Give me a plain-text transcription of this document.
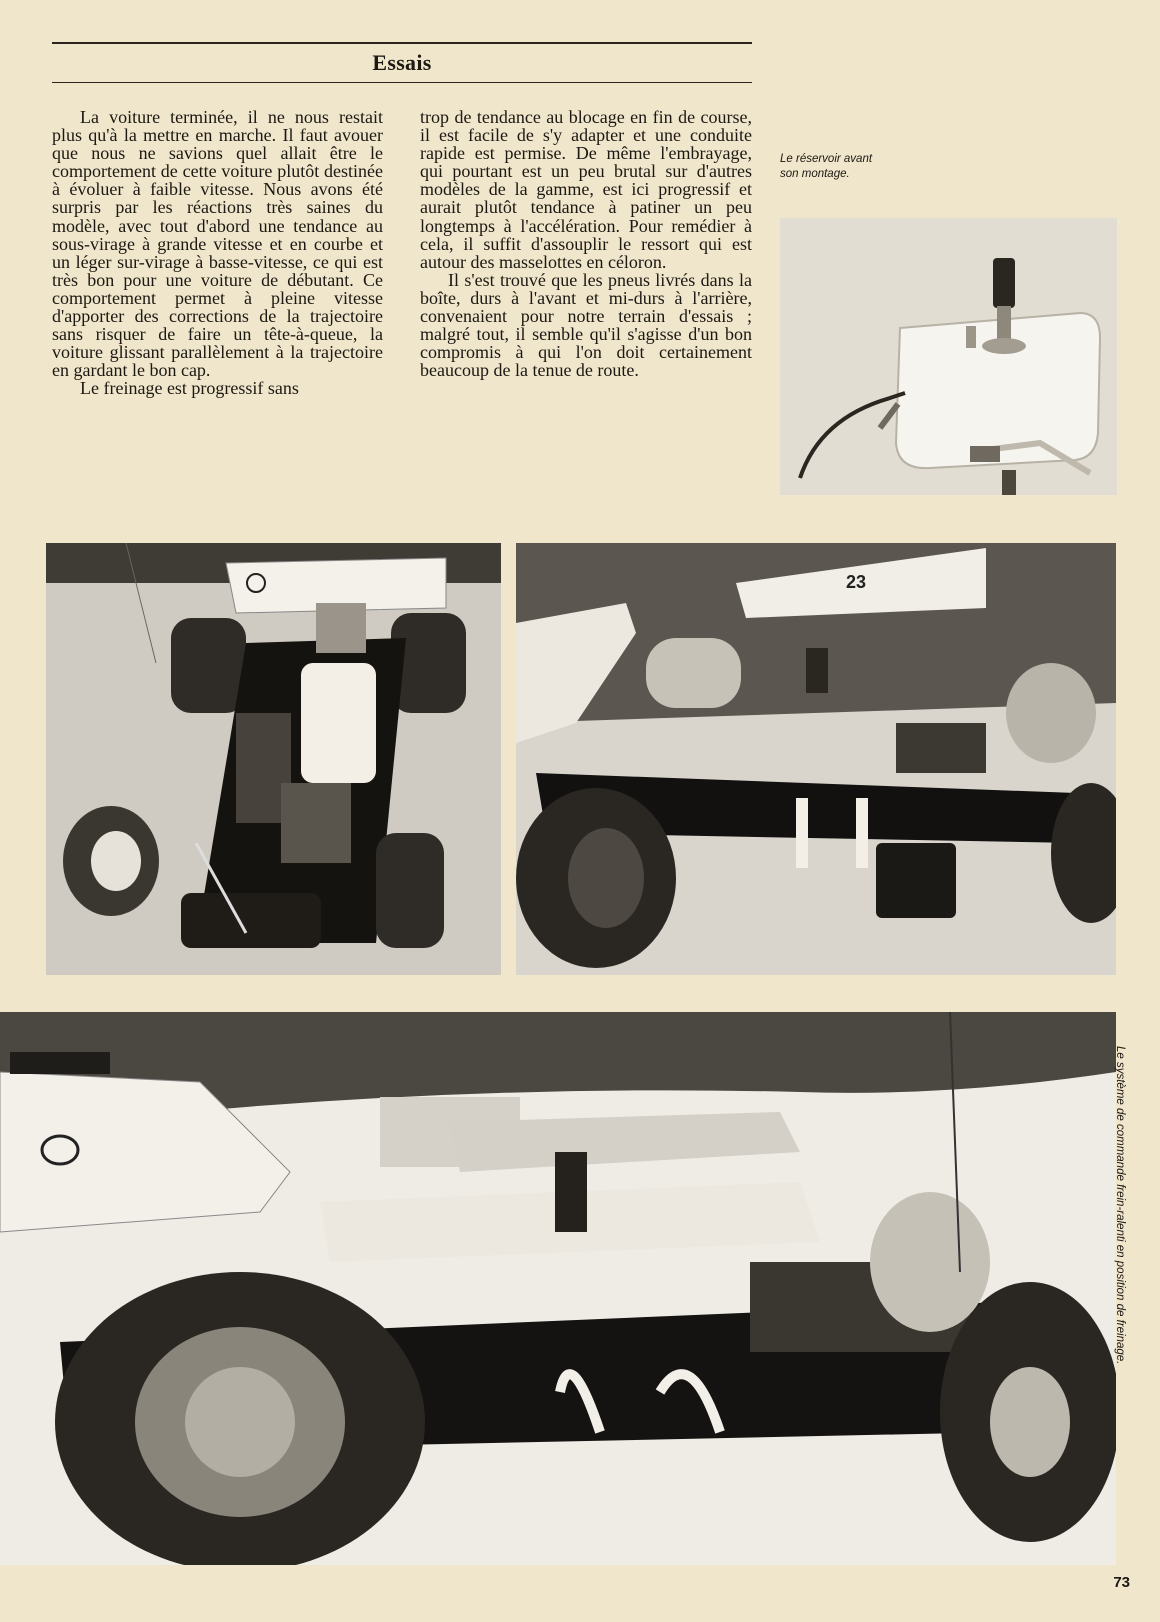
Essais

La voiture terminée, il ne nous restait plus qu'à la mettre en marche. Il faut avouer que nous ne savions quel allait être le comportement de cette voiture plutôt destinée à évoluer à faible vitesse. Nous avons été surpris par les réactions très saines du modèle, avec tout d'abord une tendance au sous-virage à grande vitesse et en courbe et un léger sur-virage à basse-vitesse, ce qui est très bon pour une voiture de débutant. Ce comportement permet à pleine vitesse d'apporter des corrections de la trajectoire sans risquer de faire un tête-à-queue, la voiture glissant parallèlement à la trajectoire en gardant le bon cap.

Le freinage est progressif sans

trop de tendance au blocage en fin de course, il est facile de s'y adapter et une conduite rapide est permise. De même l'embrayage, qui pourtant est un peu brutal sur d'autres modèles de la gamme, est ici progressif et aurait plutôt tendance à patiner un peu longtemps à l'accélération. Pour remédier à cela, il suffit d'assouplir le ressort qui est autour des masselottes en céloron.

Il s'est trouvé que les pneus livrés dans la boîte, durs à l'avant et mi-durs à l'arrière, convenaient pour notre terrain d'essais ; malgré tout, il semble qu'il s'agisse d'un bon compromis à qui l'on doit certainement beaucoup de la tenue de route.

Le réservoir avant son montage.
23
Le système de commande frein-ralenti en position de freinage.
73
